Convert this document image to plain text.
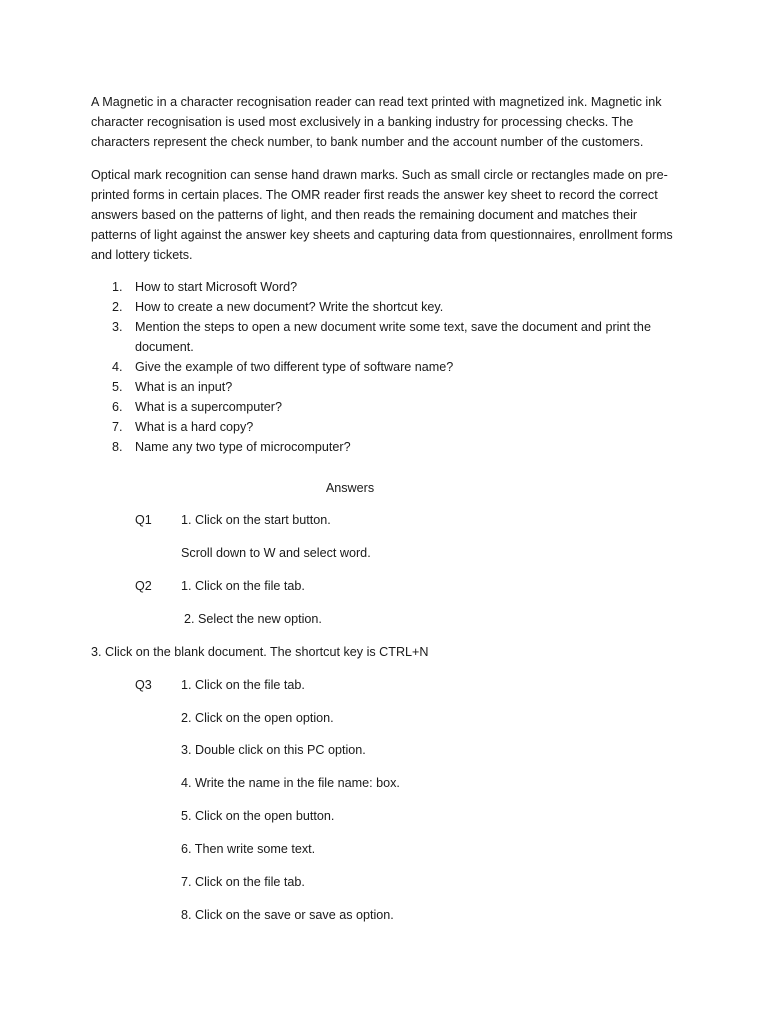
A Magnetic in a character recognisation reader can read text printed with magnetized ink. Magnetic ink character recognisation is used most exclusively in a banking industry for processing checks. The characters represent the check number, to bank number and the account number of the customers.

Optical mark recognition can sense hand drawn marks. Such as small circle or rectangles made on pre-printed forms in certain places. The OMR reader first reads the answer key sheet to record the correct answers based on the patterns of light, and then reads the remaining document and matches their patterns of light against the answer key sheets and capturing data from questionnaires, enrollment forms and lottery tickets.

1. How to start Microsoft Word?
2. How to create a new document? Write the shortcut key.
3. Mention the steps to open a new document write some text, save the document and print the document.
4. Give the example of two different type of software name?
5. What is an input?
6. What is a supercomputer?
7. What is a hard copy?
8. Name any two type of microcomputer?
Answers
Q1 1. Click on the start button.
Scroll down to W and select word.
Q2 1. Click on the file tab.
2. Select the new option.
3. Click on the blank document. The shortcut key is CTRL+N
Q3 1. Click on the file tab.
2. Click on the open option.
3. Double click on this PC option.
4. Write the name in the file name: box.
5. Click on the open button.
6. Then write some text.
7. Click on the file tab.
8. Click on the save or save as option.
